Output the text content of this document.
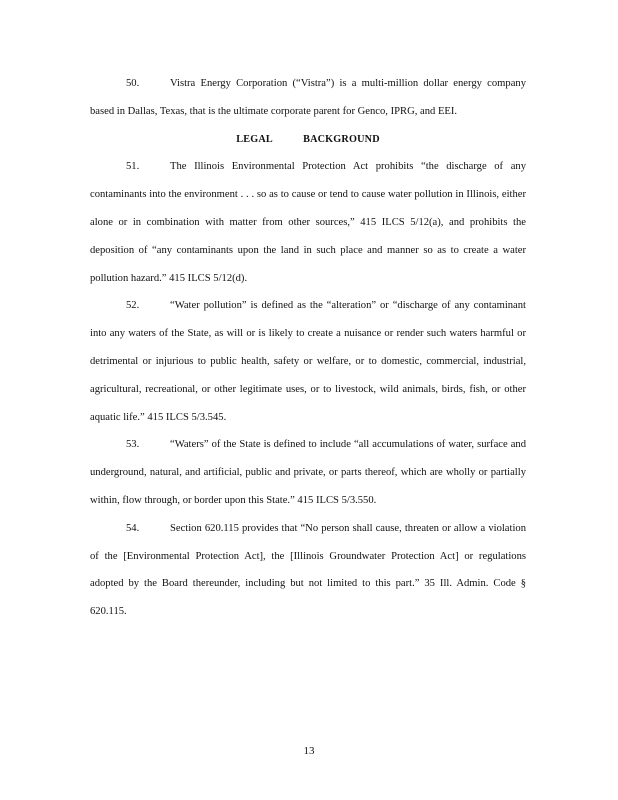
50.	Vistra Energy Corporation (“Vistra”) is a multi-million dollar energy company based in Dallas, Texas, that is the ultimate corporate parent for Genco, IPRG, and EEI.

LEGAL BACKGROUND

51.	The Illinois Environmental Protection Act prohibits “the discharge of any contaminants into the environment . . . so as to cause or tend to cause water pollution in Illinois, either alone or in combination with matter from other sources,” 415 ILCS 5/12(a), and prohibits the deposition of “any contaminants upon the land in such place and manner so as to create a water pollution hazard.” 415 ILCS 5/12(d).

52.	“Water pollution” is defined as the “alteration” or “discharge of any contaminant into any waters of the State, as will or is likely to create a nuisance or render such waters harmful or detrimental or injurious to public health, safety or welfare, or to domestic, commercial, industrial, agricultural, recreational, or other legitimate uses, or to livestock, wild animals, birds, fish, or other aquatic life.” 415 ILCS 5/3.545.

53.	“Waters” of the State is defined to include “all accumulations of water, surface and underground, natural, and artificial, public and private, or parts thereof, which are wholly or partially within, flow through, or border upon this State.” 415 ILCS 5/3.550.

54.	Section 620.115 provides that “No person shall cause, threaten or allow a violation of the [Environmental Protection Act], the [Illinois Groundwater Protection Act] or regulations adopted by the Board thereunder, including but not limited to this part.” 35 Ill. Admin. Code § 620.115.

13
